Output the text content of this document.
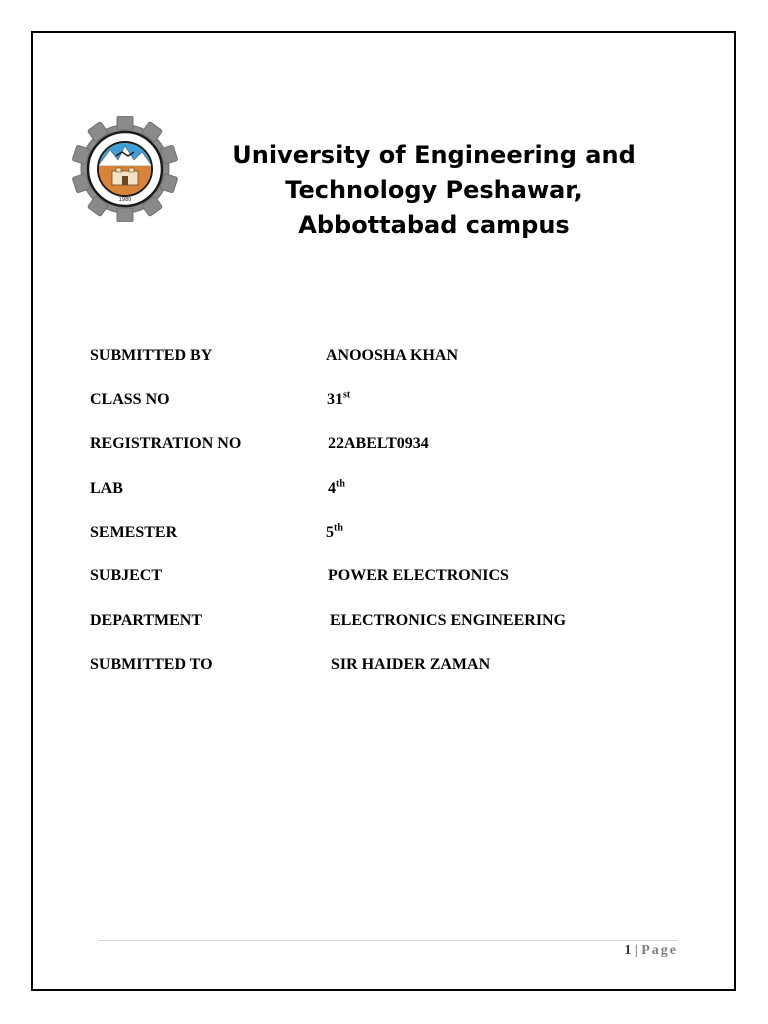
1980
University of Engineering and
Technology Peshawar,
Abbottabad campus
SUBMITTED BY	ANOOSHA KHAN
CLASS NO	31st
REGISTRATION NO	22ABELT0934
LAB	4th
SEMESTER	5th
SUBJECT	POWER ELECTRONICS
DEPARTMENT	ELECTRONICS ENGINEERING
SUBMITTED TO	SIR HAIDER ZAMAN
1 | Page
